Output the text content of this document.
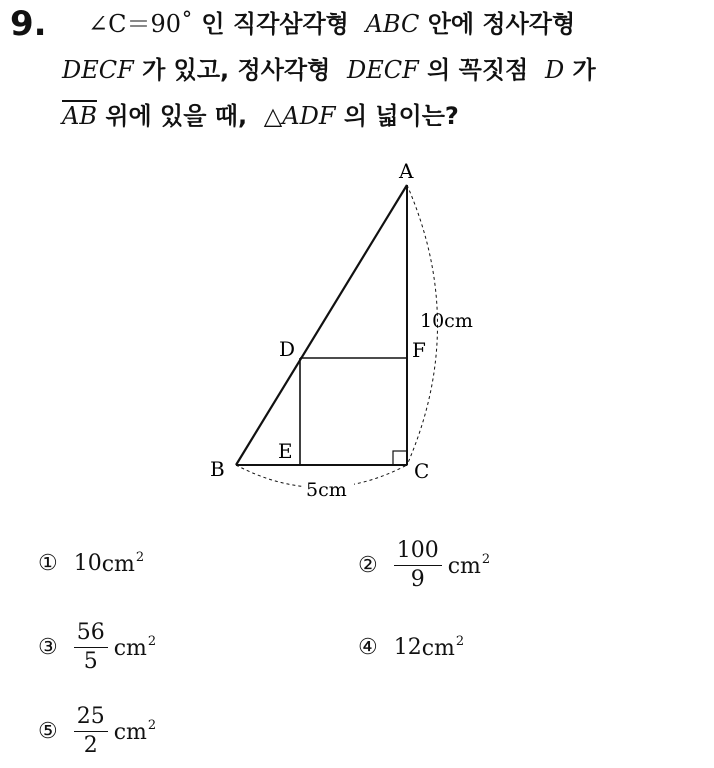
9. ∠C＝90˚ 인 직각삼각형 ABC 안에 정사각형
DECF 가 있고, 정사각형 DECF 의 꼭짓점 D 가
$\overline{AB}$ 위에 있을 때, △ADF 의 넓이는?
A
B	C
D
E
F
10cm
5cm
① 10 $cm^2$	② $\frac{100}{9} cm^2$
③ $\frac{56}{5} cm^2$	④ 12 $cm^2$
⑤ $\frac{25}{2} cm^2$
